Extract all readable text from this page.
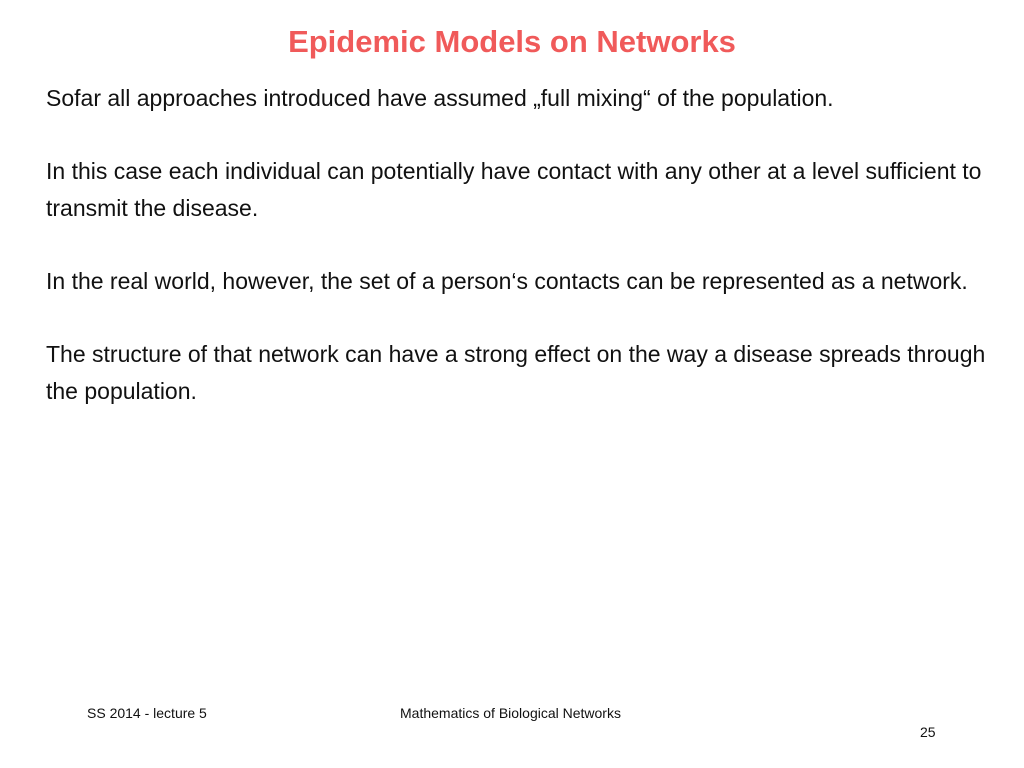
Epidemic Models on Networks

Sofar all approaches introduced have assumed „full mixing“ of the population.

In this case each individual can potentially have contact with any other at a level sufficient to transmit the disease.

In the real world, however, the set of a person‘s contacts can be represented as a network.

The structure of that network can have a strong effect on the way a disease spreads through the population.

SS 2014 - lecture 5	Mathematics of Biological Networks
25
